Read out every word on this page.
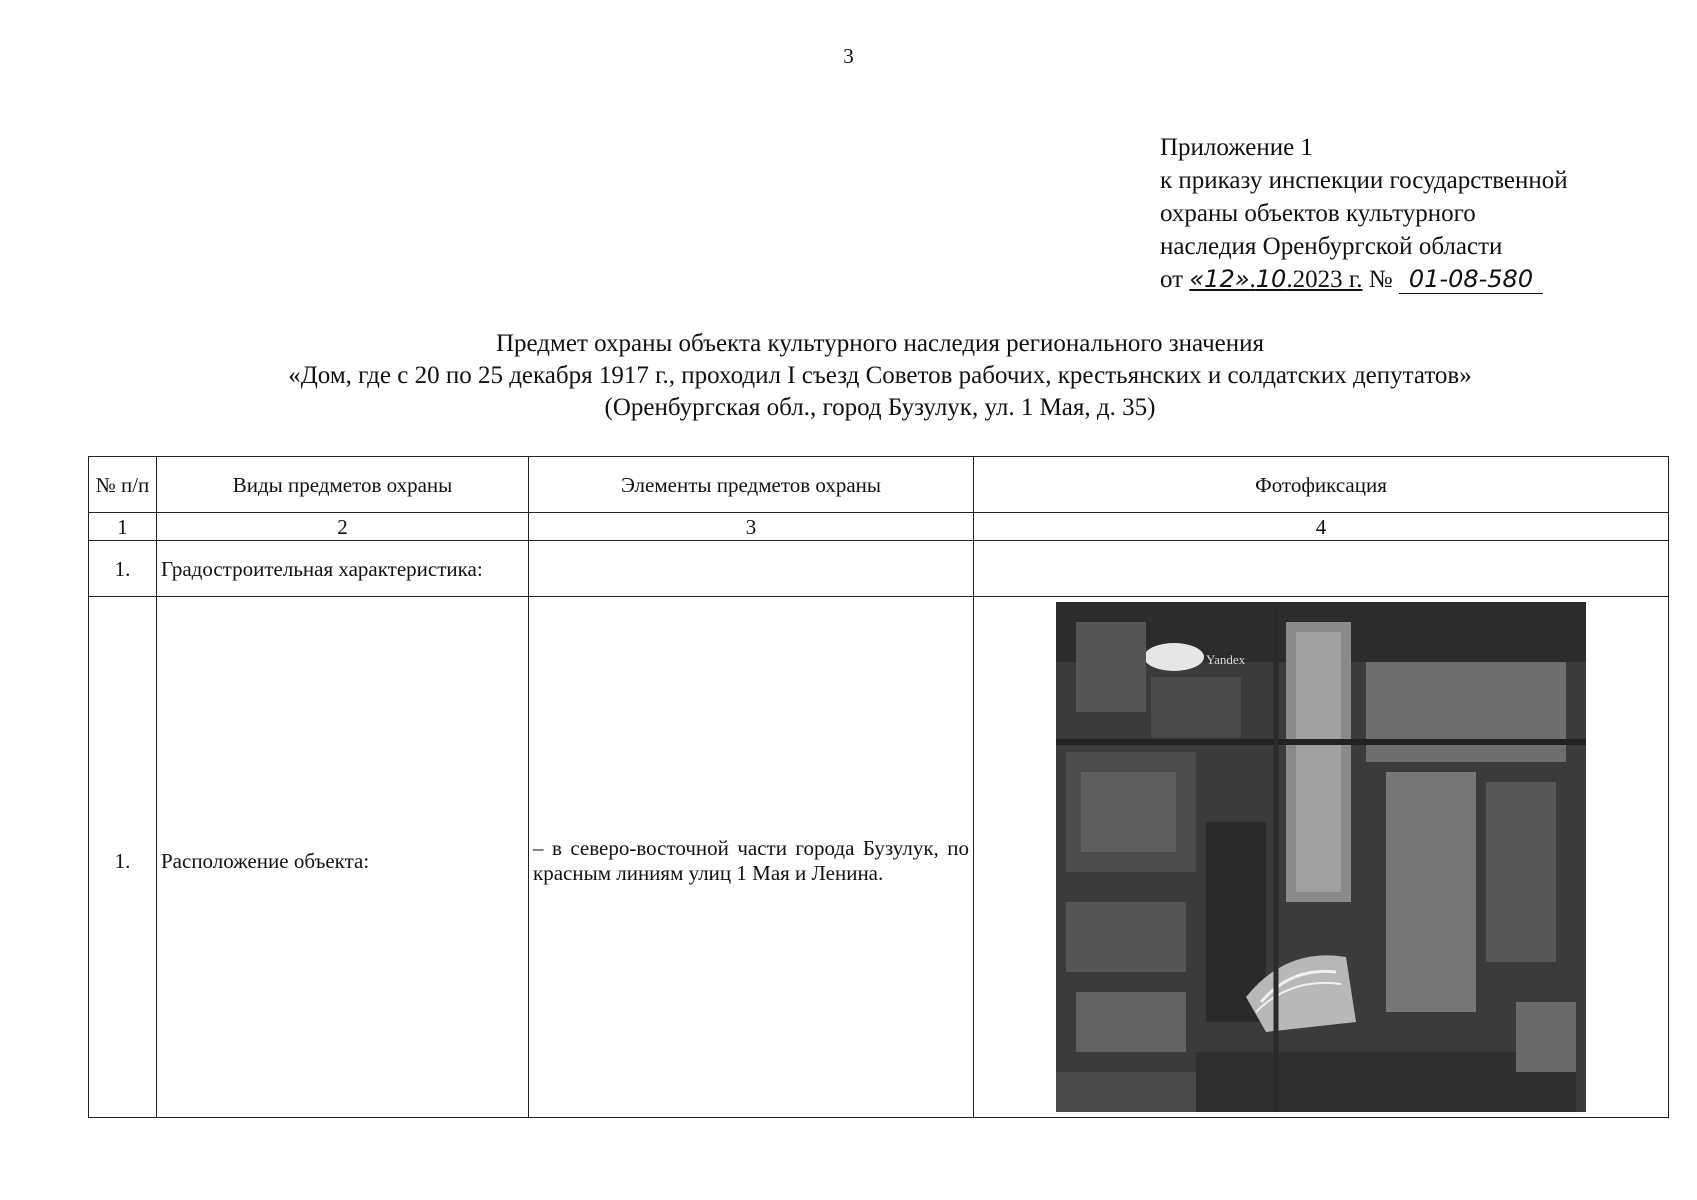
3
Приложение 1
к приказу инспекции государственной
охраны объектов культурного
наследия Оренбургской области
от «12».10.2023 г. № 01-08-580
Предмет охраны объекта культурного наследия регионального значения
«Дом, где с 20 по 25 декабря 1917 г., проходил I съезд Советов рабочих, крестьянских и солдатских депутатов»
(Оренбургская обл., город Бузулук, ул. 1 Мая, д. 35)
№ п/п	Виды предметов охраны	Элементы предметов охраны	Фотофиксация
1	2	3	4
1.	Градостроительная характеристика:		
1.	Расположение объекта:	– в северо-восточной части города Бузулук, по красным линиям улиц 1 Мая и Ленина.	Yandex
